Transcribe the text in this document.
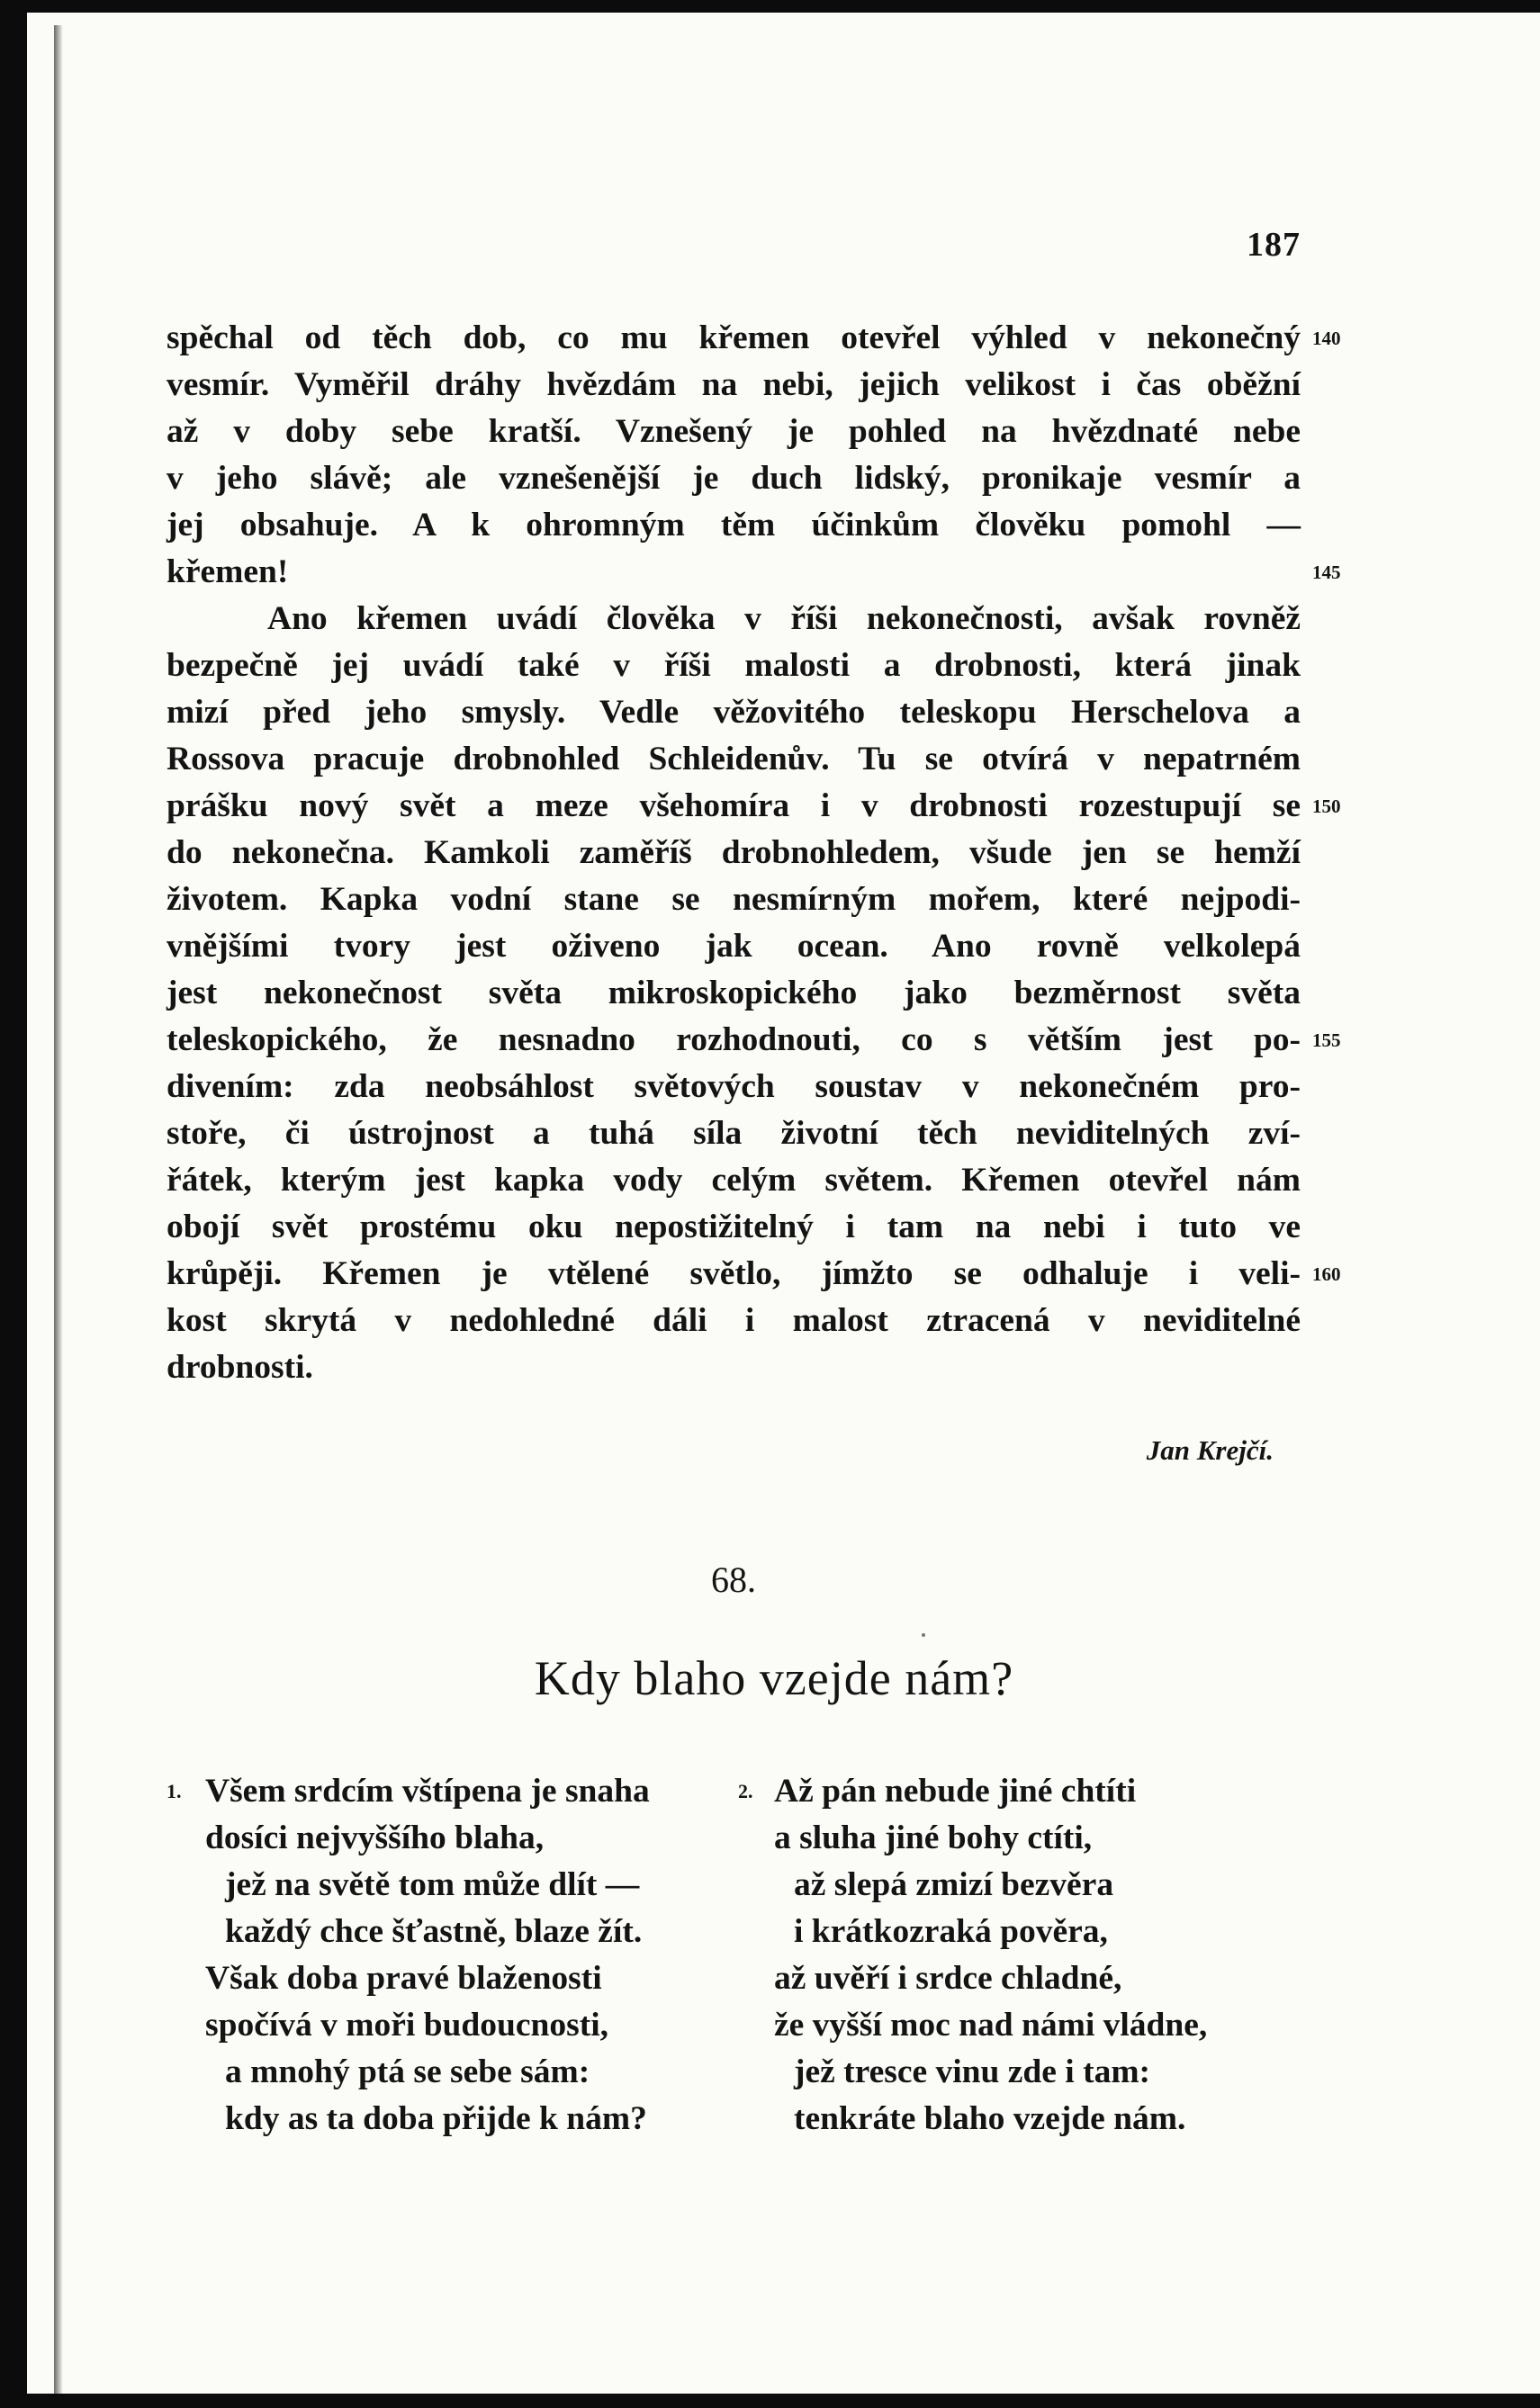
187
spěchal od těch dob, co mu křemen otevřel výhled v nekonečný
vesmír. Vyměřil dráhy hvězdám na nebi, jejich velikost i čas oběžní
až v doby sebe kratší. Vznešený je pohled na hvězdnaté nebe
v jeho slávě; ale vznešenější je duch lidský, pronikaje vesmír a
jej obsahuje. A k ohromným těm účinkům člověku pomohl —
křemen!
Ano křemen uvádí člověka v říši nekonečnosti, avšak rovněž
bezpečně jej uvádí také v říši malosti a drobnosti, která jinak
mizí před jeho smysly. Vedle věžovitého teleskopu Herschelova a
Rossova pracuje drobnohled Schleidenův. Tu se otvírá v nepatrném
prášku nový svět a meze všehomíra i v drobnosti rozestupují se
do nekonečna. Kamkoli zaměříš drobnohledem, všude jen se hemží
životem. Kapka vodní stane se nesmírným mořem, které nejpodi-
vnějšími tvory jest oživeno jak ocean. Ano rovně velkolepá
jest nekonečnost světa mikroskopického jako bezměrnost světa
teleskopického, že nesnadno rozhodnouti, co s větším jest po-
divením: zda neobsáhlost světových soustav v nekonečném pro-
stoře, či ústrojnost a tuhá síla životní těch neviditelných zví-
řátek, kterým jest kapka vody celým světem. Křemen otevřel nám
obojí svět prostému oku nepostižitelný i tam na nebi i tuto ve
krůpěji. Křemen je vtělené světlo, jímžto se odhaluje i veli-
kost skrytá v nedohledné dáli i malost ztracená v neviditelné
drobnosti.
140
145
150
155
160
Jan Krejčí.
68.
Kdy blaho vzejde nám?
1. Všem srdcím vštípena je snaha
dosíci nejvyššího blaha,
jež na světě tom může dlít —
každý chce šťastně, blaze žít.
Však doba pravé blaženosti
spočívá v moři budoucnosti,
a mnohý ptá se sebe sám:
kdy as ta doba přijde k nám?
2. Až pán nebude jiné chtíti
a sluha jiné bohy ctíti,
až slepá zmizí bezvěra
i krátkozraká pověra,
až uvěří i srdce chladné,
že vyšší moc nad námi vládne,
jež tresce vinu zde i tam:
tenkráte blaho vzejde nám.
